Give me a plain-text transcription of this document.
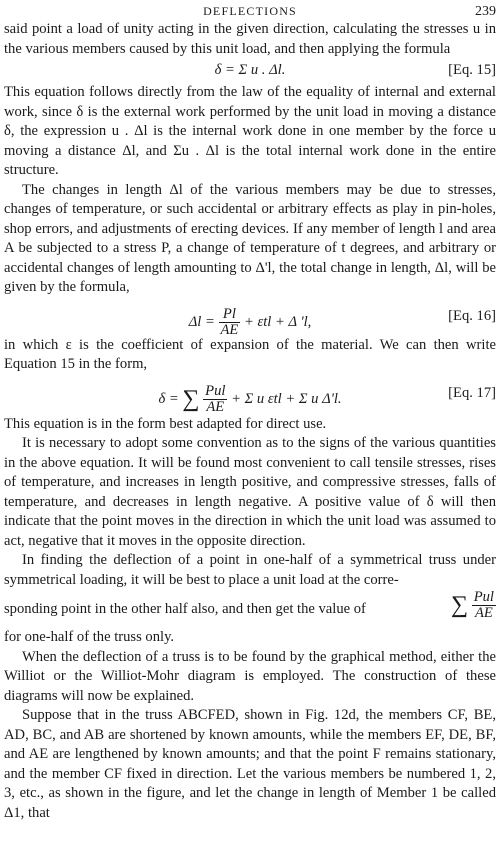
DEFLECTIONS	239

said point a load of unity acting in the given direction, calculating the stresses u in the various members caused by this unit load, and then applying the formula

δ = Σ u . Δl.	[Eq. 15]

This equation follows directly from the law of the equality of internal and external work, since δ is the external work performed by the unit load in moving a distance δ, the expression u . Δl is the internal work done in one member by the force u moving a distance Δl, and Σu . Δl is the total internal work done in the entire structure.

The changes in length Δl of the various members may be due to stresses, changes of temperature, or such accidental or arbitrary effects as play in pin-holes, shop errors, and adjustments of erecting devices. If any member of length l and area A be subjected to a stress P, a change of temperature of t degrees, and arbitrary or accidental changes of length amounting to Δ'l, the total change in length, Δl, will be given by the formula,

$\Delta l = \frac{Pl}{AE} + \varepsilon tl + \Delta$ 'l,	[Eq. 16]

in which ε is the coefficient of expansion of the material. We can then write Equation 15 in the form,

δ = ∑ $\frac{\text{Pul}}{AE} + \Sigma$ u εtl + Σ u Δ'l.	[Eq. 17]

This equation is in the form best adapted for direct use.

It is necessary to adopt some convention as to the signs of the various quantities in the above equation. It will be found most convenient to call tensile stresses, rises of temperature, and increases in length positive, and compressive stresses, falls of temperature, and decreases in length negative. A positive value of δ will then indicate that the point moves in the direction in which the unit load was assumed to act, negative that it moves in the opposite direction.

In finding the deflection of a point in one-half of a symmetrical truss under symmetrical loading, it will be best to place a unit load at the corre-

sponding point in the other half also, and then get the value of	∑ $\frac{\text{Pul}}{AE}$

for one-half of the truss only.

When the deflection of a truss is to be found by the graphical method, either the Williot or the Williot-Mohr diagram is employed. The construction of these diagrams will now be explained.

Suppose that in the truss ABCFED, shown in Fig. 12d, the members CF, BE, AD, BC, and AB are shortened by known amounts, while the members EF, DE, BF, and AE are lengthened by known amounts; and that the point F remains stationary, and the member CF fixed in direction. Let the various members be numbered 1, 2, 3, etc., as shown in the figure, and let the change in length of Member 1 be called Δ1, that
